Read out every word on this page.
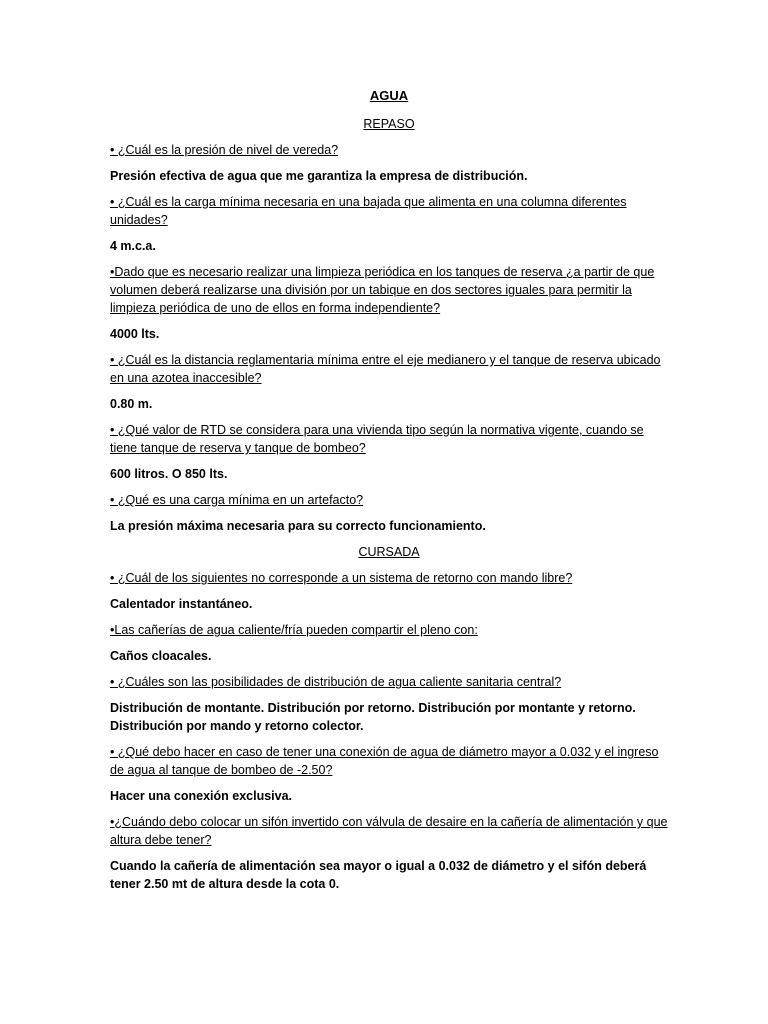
AGUA
REPASO
• ¿Cuál es la presión de nivel de vereda?
Presión efectiva de agua que me garantiza la empresa de distribución.
• ¿Cuál es la carga mínima necesaria en una bajada que alimenta en una columna diferentes unidades?
4 m.c.a.
•Dado que es necesario realizar una limpieza periódica en los tanques de reserva ¿a partir de que volumen deberá realizarse una división por un tabique en dos sectores iguales para permitir la limpieza periódica de uno de ellos en forma independiente?
4000 lts.
• ¿Cuál es la distancia reglamentaria mínima entre el eje medianero y el tanque de reserva ubicado en una azotea inaccesible?
0.80 m.
• ¿Qué valor de RTD se considera para una vivienda tipo según la normativa vigente, cuando se tiene tanque de reserva y tanque de bombeo?
600 litros. O 850 lts.
• ¿Qué es una carga mínima en un artefacto?
La presión máxima necesaria para su correcto funcionamiento.
CURSADA
• ¿Cuál de los siguientes no corresponde a un sistema de retorno con mando libre?
Calentador instantáneo.
•Las cañerías de agua caliente/fría pueden compartir el pleno con:
Caños cloacales.
• ¿Cuáles son las posibilidades de distribución de agua caliente sanitaria central?
Distribución de montante. Distribución por retorno. Distribución por montante y retorno. Distribución por mando y retorno colector.
• ¿Qué debo hacer en caso de tener una conexión de agua de diámetro mayor a 0.032 y el ingreso de agua al tanque de bombeo de -2.50?
Hacer una conexión exclusiva.
•¿Cuándo debo colocar un sifón invertido con válvula de desaire en la cañería de alimentación y que altura debe tener?
Cuando la cañería de alimentación sea mayor o igual a 0.032 de diámetro y el sifón deberá tener 2.50 mt de altura desde la cota 0.
